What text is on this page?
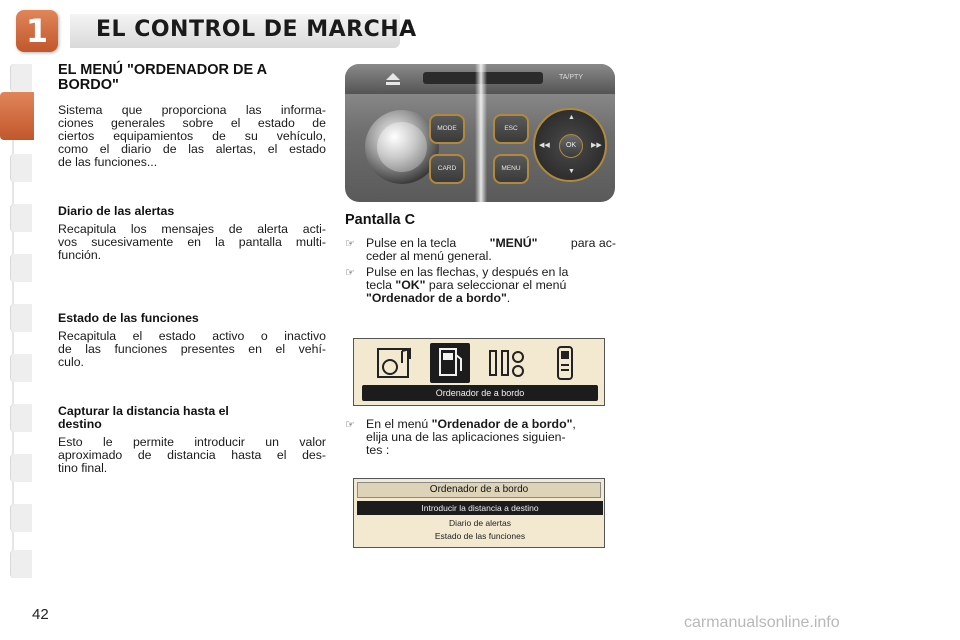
1	EL CONTROL DE MARCHA
EL MENÚ "ORDENADOR DE A BORDO"
Sistema que proporciona las informa-
ciones generales sobre el estado de
ciertos equipamientos de su vehículo,
como el diario de las alertas, el estado
de las funciones...
Diario de las alertas
Recapitula los mensajes de alerta acti-
vos sucesivamente en la pantalla multi-
función.
Estado de las funciones
Recapitula el estado activo o inactivo
de las funciones presentes en el vehí-
culo.
Capturar la distancia hasta el
destino
Esto le permite introducir un valor
aproximado de distancia hasta el des-
tino final.
TA/PTY
MODE
CARD
ESC
MENU
▲
▼
◀◀	▶▶
OK
Pantalla C
☞ Pulse en la tecla	"MENÚ"	para ac-
ceder al menú general.
☞ Pulse en las flechas, y después en la
tecla "OK" para seleccionar el menú
"Ordenador de a bordo".
Ordenador de a bordo
☞ En el menú "Ordenador de a bordo",
elija una de las aplicaciones siguien-
tes :
Ordenador de a bordo
Introducir la distancia a destino
Diario de alertas
Estado de las funciones
42	carmanualsonline.info
